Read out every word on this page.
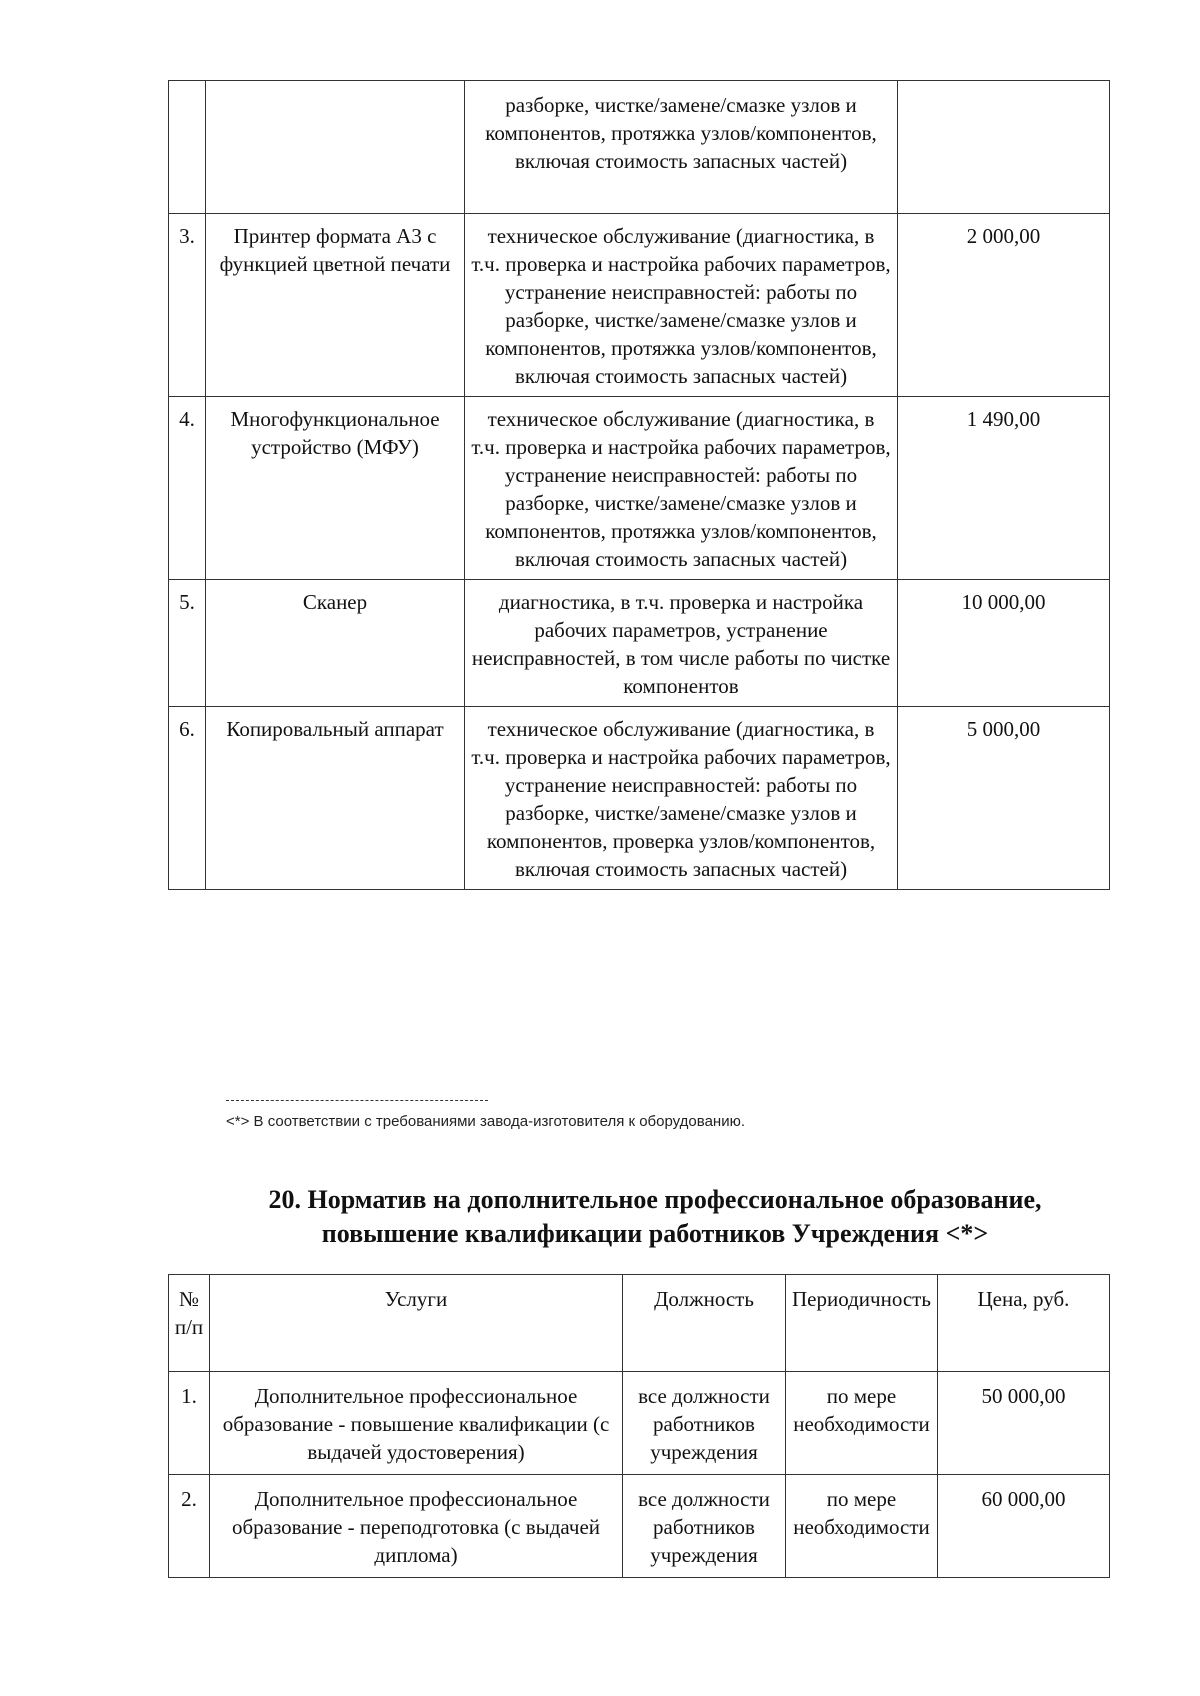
		разборке, чистке/замене/смазке узлов и компонентов, протяжка узлов/компонентов, включая стоимость запасных частей)	
3.	Принтер формата А3 с функцией цветной печати	техническое обслуживание (диагностика, в т.ч. проверка и настройка рабочих параметров, устранение неисправностей: работы по разборке, чистке/замене/смазке узлов и компонентов, протяжка узлов/компонентов, включая стоимость запасных частей)	2 000,00
4.	Многофункциональное устройство (МФУ)	техническое обслуживание (диагностика, в т.ч. проверка и настройка рабочих параметров, устранение неисправностей: работы по разборке, чистке/замене/смазке узлов и компонентов, протяжка узлов/компонентов, включая стоимость запасных частей)	1 490,00
5.	Сканер	диагностика, в т.ч. проверка и настройка рабочих параметров, устранение неисправностей, в том числе работы по чистке компонентов	10 000,00
6.	Копировальный аппарат	техническое обслуживание (диагностика, в т.ч. проверка и настройка рабочих параметров, устранение неисправностей: работы по разборке, чистке/замене/смазке узлов и компонентов, проверка узлов/компонентов, включая стоимость запасных частей)	5 000,00
<*> В соответствии с требованиями завода-изготовителя к оборудованию.
20. Норматив на дополнительное профессиональное образование,
повышение квалификации работников Учреждения <*>
№ п/п	Услуги	Должность	Периодичность	Цена, руб.
1.	Дополнительное профессиональное образование - повышение квалификации (с выдачей удостоверения)	все должности работников учреждения	по мере необходимости	50 000,00
2.	Дополнительное профессиональное образование - переподготовка (с выдачей диплома)	все должности работников учреждения	по мере необходимости	60 000,00
